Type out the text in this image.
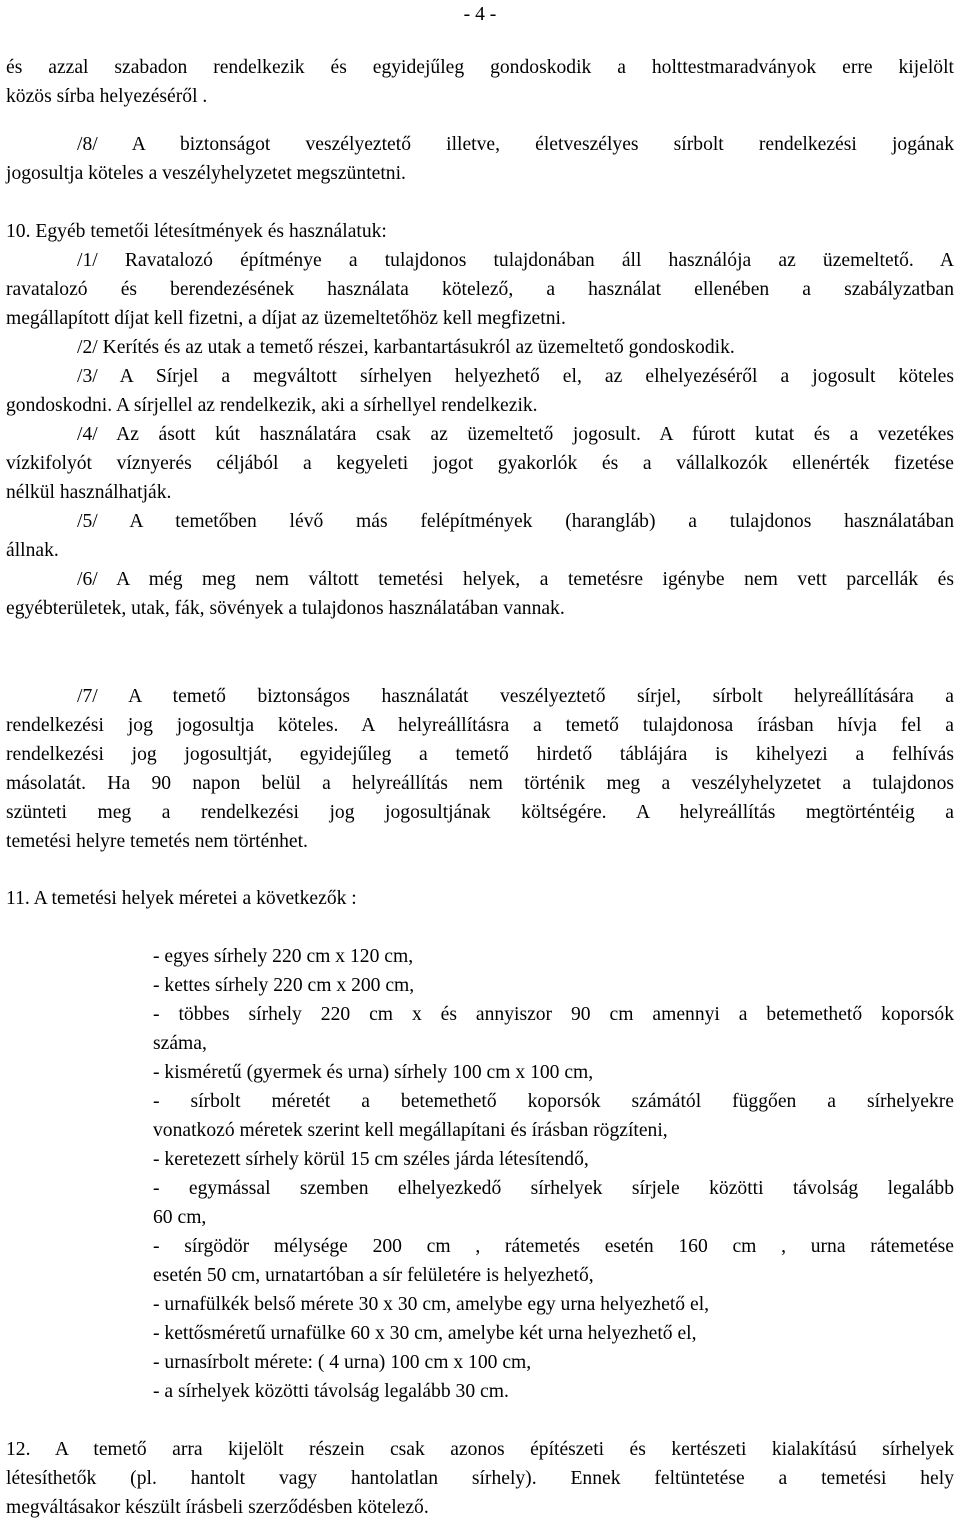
- 4 -
és azzal szabadon rendelkezik és egyidejűleg gondoskodik a holttestmaradványok erre kijelölt
közös sírba helyezéséről .
/8/ A biztonságot veszélyeztető illetve, életveszélyes sírbolt rendelkezési jogának
jogosultja köteles a veszélyhelyzetet megszüntetni.
10. Egyéb temetői létesítmények és használatuk:
/1/ Ravatalozó építménye a tulajdonos tulajdonában áll használója az üzemeltető. A
ravatalozó és berendezésének használata kötelező, a használat ellenében a szabályzatban
megállapított díjat kell fizetni, a díjat az üzemeltetőhöz kell megfizetni.
/2/ Kerítés és az utak a temető részei, karbantartásukról az üzemeltető gondoskodik.
/3/ A Sírjel a megváltott sírhelyen helyezhető el, az elhelyezéséről a jogosult köteles
gondoskodni. A sírjellel az rendelkezik, aki a sírhellyel rendelkezik.
/4/ Az ásott kút használatára csak az üzemeltető jogosult. A fúrott kutat és a vezetékes
vízkifolyót víznyerés céljából a kegyeleti jogot gyakorlók és a vállalkozók ellenérték fizetése
nélkül használhatják.
/5/ A temetőben lévő más felépítmények (harangláb) a tulajdonos használatában
állnak.
/6/ A még meg nem váltott temetési helyek, a temetésre igénybe nem vett parcellák és
egyébterületek, utak, fák, sövények a tulajdonos használatában vannak.
/7/ A temető biztonságos használatát veszélyeztető sírjel, sírbolt helyreállítására a
rendelkezési jog jogosultja köteles. A helyreállításra a temető tulajdonosa írásban hívja fel a
rendelkezési jog jogosultját, egyidejűleg a temető hirdető táblájára is kihelyezi a felhívás
másolatát. Ha 90 napon belül a helyreállítás nem történik meg a veszélyhelyzetet a tulajdonos
szünteti meg a rendelkezési jog jogosultjának költségére. A helyreállítás megtörténtéig a
temetési helyre temetés nem történhet.
11. A temetési helyek méretei a következők :
- egyes sírhely 220 cm x 120 cm,
- kettes sírhely 220 cm x 200 cm,
- többes sírhely 220 cm x és annyiszor 90 cm amennyi a betemethető koporsók
száma,
- kisméretű (gyermek és urna) sírhely 100 cm x 100 cm,
- sírbolt méretét a betemethető koporsók számától függően a sírhelyekre
vonatkozó méretek szerint kell megállapítani és írásban rögzíteni,
- keretezett sírhely körül 15 cm széles járda létesítendő,
- egymással szemben elhelyezkedő sírhelyek sírjele közötti távolság legalább
60 cm,
- sírgödör mélysége 200 cm , rátemetés esetén 160 cm , urna rátemetése
esetén 50 cm, urnatartóban a sír felületére is helyezhető,
- urnafülkék belső mérete 30 x 30 cm, amelybe egy urna helyezhető el,
- kettősméretű urnafülke 60 x 30 cm, amelybe két urna helyezhető el,
- urnasírbolt mérete: ( 4 urna) 100 cm x 100 cm,
- a sírhelyek közötti távolság legalább 30 cm.
12. A temető arra kijelölt részein csak azonos építészeti és kertészeti kialakítású sírhelyek
létesíthetők (pl. hantolt vagy hantolatlan sírhely). Ennek feltüntetése a temetési hely
megváltásakor készült írásbeli szerződésben kötelező.
